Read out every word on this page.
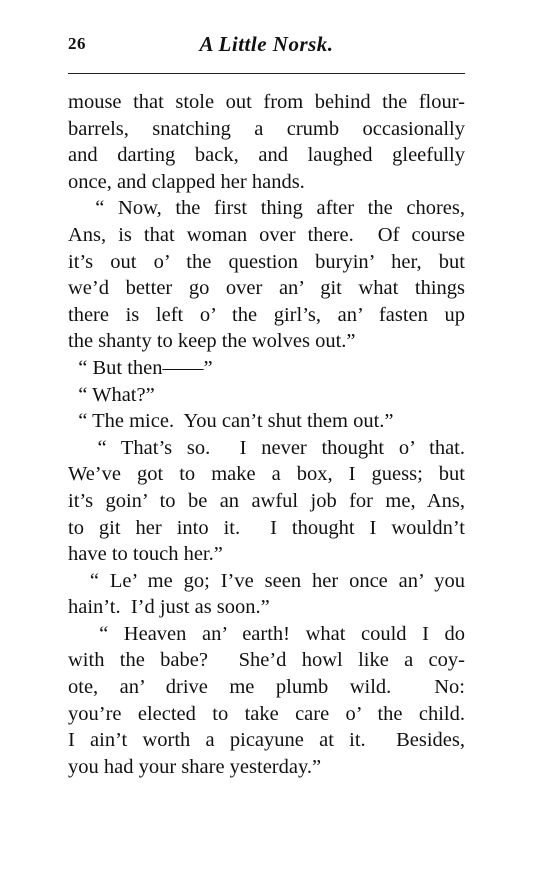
26	A Little Norsk.
mouse that stole out from behind the flour-
barrels, snatching a crumb occasionally
and darting back, and laughed gleefully
once, and clapped her hands.
“ Now, the first thing after the chores,
Ans, is that woman over there.  Of course
it’s out o’ the question buryin’ her, but
we’d better go over an’ git what things
there is left o’ the girl’s, an’ fasten up
the shanty to keep the wolves out.”
“ But then——”
“ What?”
“ The mice.  You can’t shut them out.”
“ That’s so.  I never thought o’ that.
We’ve got to make a box, I guess; but
it’s goin’ to be an awful job for me, Ans,
to git her into it.  I thought I wouldn’t
have to touch her.”
“ Le’ me go; I’ve seen her once an’ you
hain’t.  I’d just as soon.”
“ Heaven an’ earth! what could I do
with the babe?  She’d howl like a coy-
ote, an’ drive me plumb wild.  No:
you’re elected to take care o’ the child.
I ain’t worth a picayune at it.  Besides,
you had your share yesterday.”
